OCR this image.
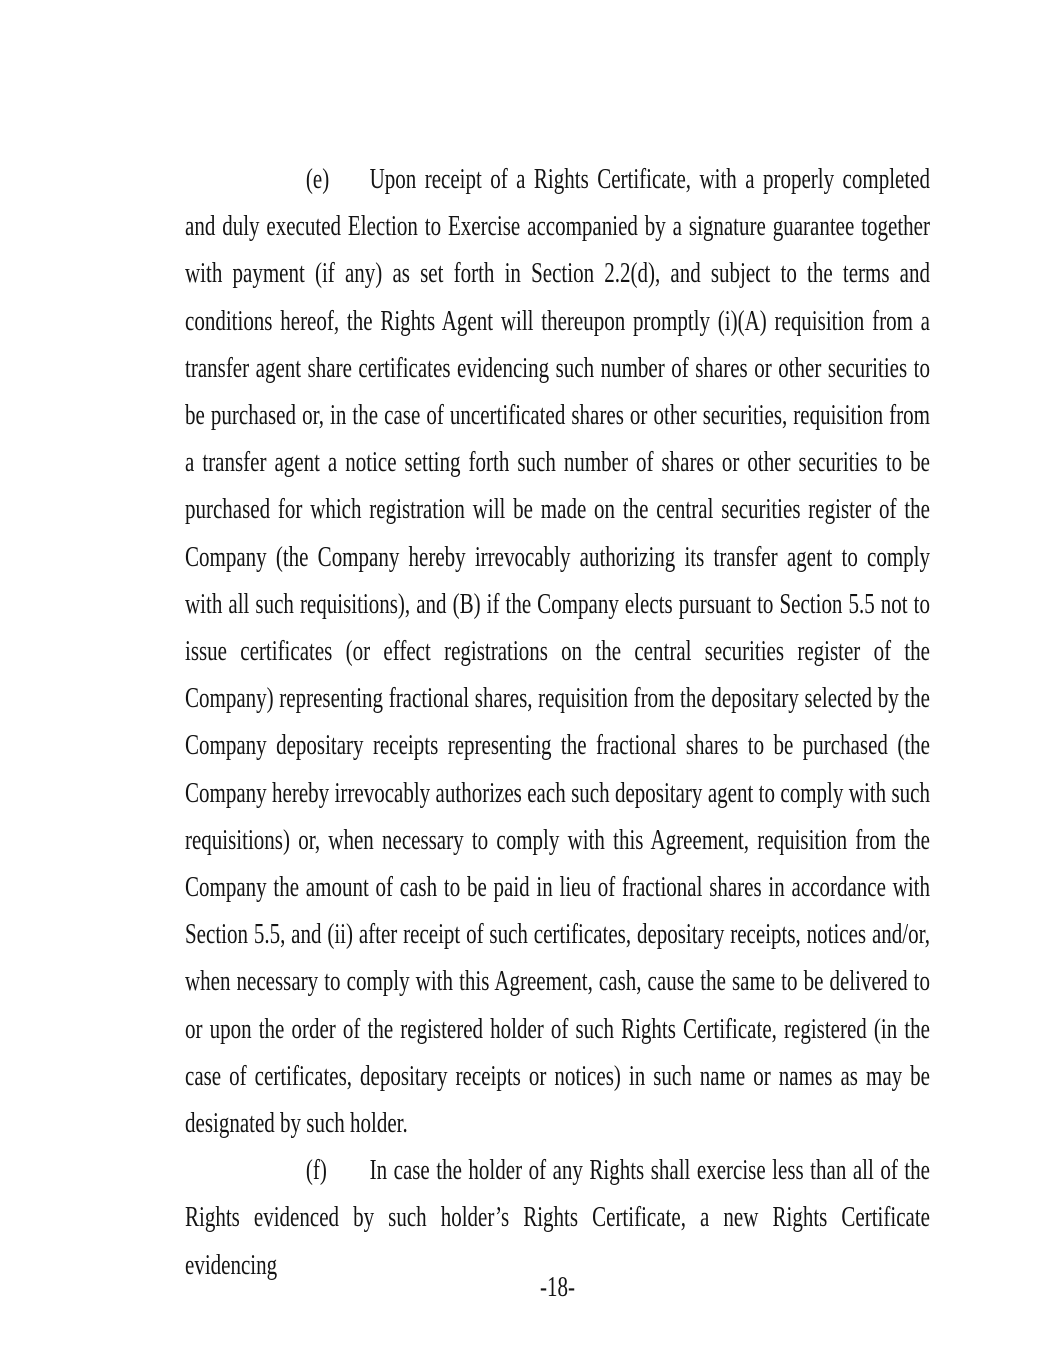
(e) Upon receipt of a Rights Certificate, with a properly completed and duly executed Election to Exercise accompanied by a signature guarantee together with payment (if any) as set forth in Section 2.2(d), and subject to the terms and conditions hereof, the Rights Agent will thereupon promptly (i)(A) requisition from a transfer agent share certificates evidencing such number of shares or other securities to be purchased or, in the case of uncertificated shares or other securities, requisition from a transfer agent a notice setting forth such number of shares or other securities to be purchased for which registration will be made on the central securities register of the Company (the Company hereby irrevocably authorizing its transfer agent to comply with all such requisitions), and (B) if the Company elects pursuant to Section 5.5 not to issue certificates (or effect registrations on the central securities register of the Company) representing fractional shares, requisition from the depositary selected by the Company depositary receipts representing the fractional shares to be purchased (the Company hereby irrevocably authorizes each such depositary agent to comply with such requisitions) or, when necessary to comply with this Agreement, requisition from the Company the amount of cash to be paid in lieu of fractional shares in accordance with Section 5.5, and (ii) after receipt of such certificates, depositary receipts, notices and/or, when necessary to comply with this Agreement, cash, cause the same to be delivered to or upon the order of the registered holder of such Rights Certificate, registered (in the case of certificates, depositary receipts or notices) in such name or names as may be designated by such holder.

(f) In case the holder of any Rights shall exercise less than all of the Rights evidenced by such holder’s Rights Certificate, a new Rights Certificate evidencing

-18-
